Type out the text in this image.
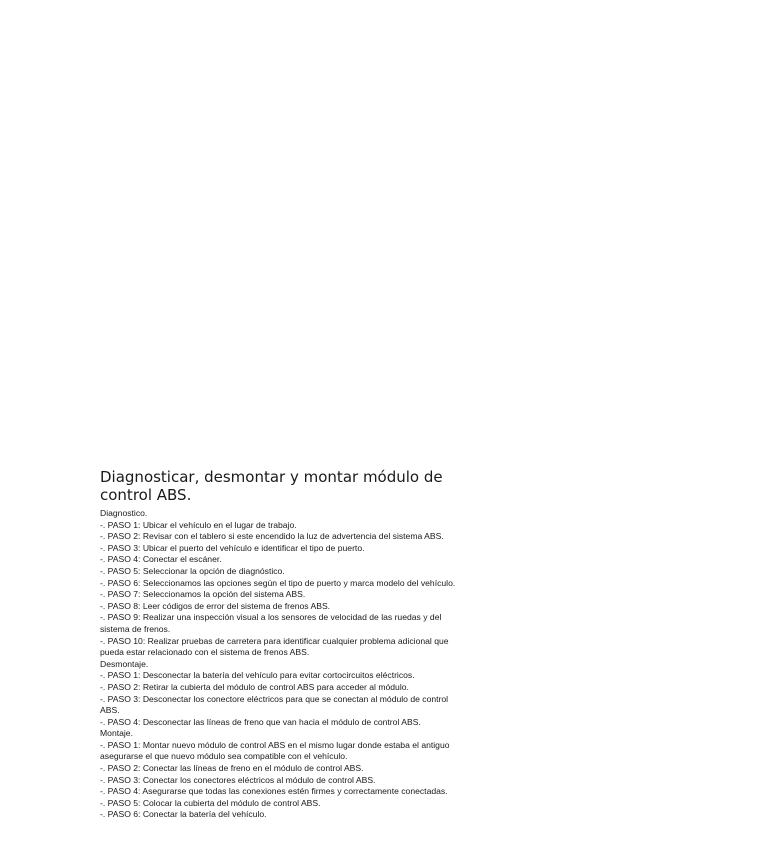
Diagnosticar, desmontar y montar módulo de control ABS.
Diagnostico.
-. PASO 1: Ubicar el vehículo en el lugar de trabajo.
-. PASO 2: Revisar con el tablero si este encendido la luz de advertencia del sistema ABS.
-. PASO 3: Ubicar el puerto del vehículo e identificar el tipo de puerto.
-. PASO 4: Conectar el escáner.
-. PASO 5: Seleccionar la opción de diagnóstico.
-. PASO 6: Seleccionamos las opciones según el tipo de puerto y marca modelo del vehículo.
-. PASO 7: Seleccionamos la opción del sistema ABS.
-. PASO 8: Leer códigos de error del sistema de frenos ABS.
-. PASO 9: Realizar una inspección visual a los sensores de velocidad de las ruedas y del sistema de frenos.
-. PASO 10: Realizar pruebas de carretera para identificar cualquier problema adicional que pueda estar relacionado con el sistema de frenos ABS.
Desmontaje.
-. PASO 1: Desconectar la batería del vehículo para evitar cortocircuitos eléctricos.
-. PASO 2: Retirar la cubierta del módulo de control ABS para acceder al módulo.
-. PASO 3: Desconectar los conectore eléctricos para que se conectan al módulo de control ABS.
-. PASO 4: Desconectar las líneas de freno que van hacia el módulo de control ABS.
Montaje.
-. PASO 1: Montar nuevo módulo de control ABS en el mismo lugar donde estaba el antiguo asegurarse el que nuevo módulo sea compatible con el vehículo.
-. PASO 2: Conectar las líneas de freno en el módulo de control ABS.
-. PASO 3: Conectar los conectores eléctricos al módulo de control ABS.
-. PASO 4: Asegurarse que todas las conexiones estén firmes y correctamente conectadas.
-. PASO 5: Colocar la cubierta del módulo de control ABS.
-. PASO 6: Conectar la batería del vehículo.
